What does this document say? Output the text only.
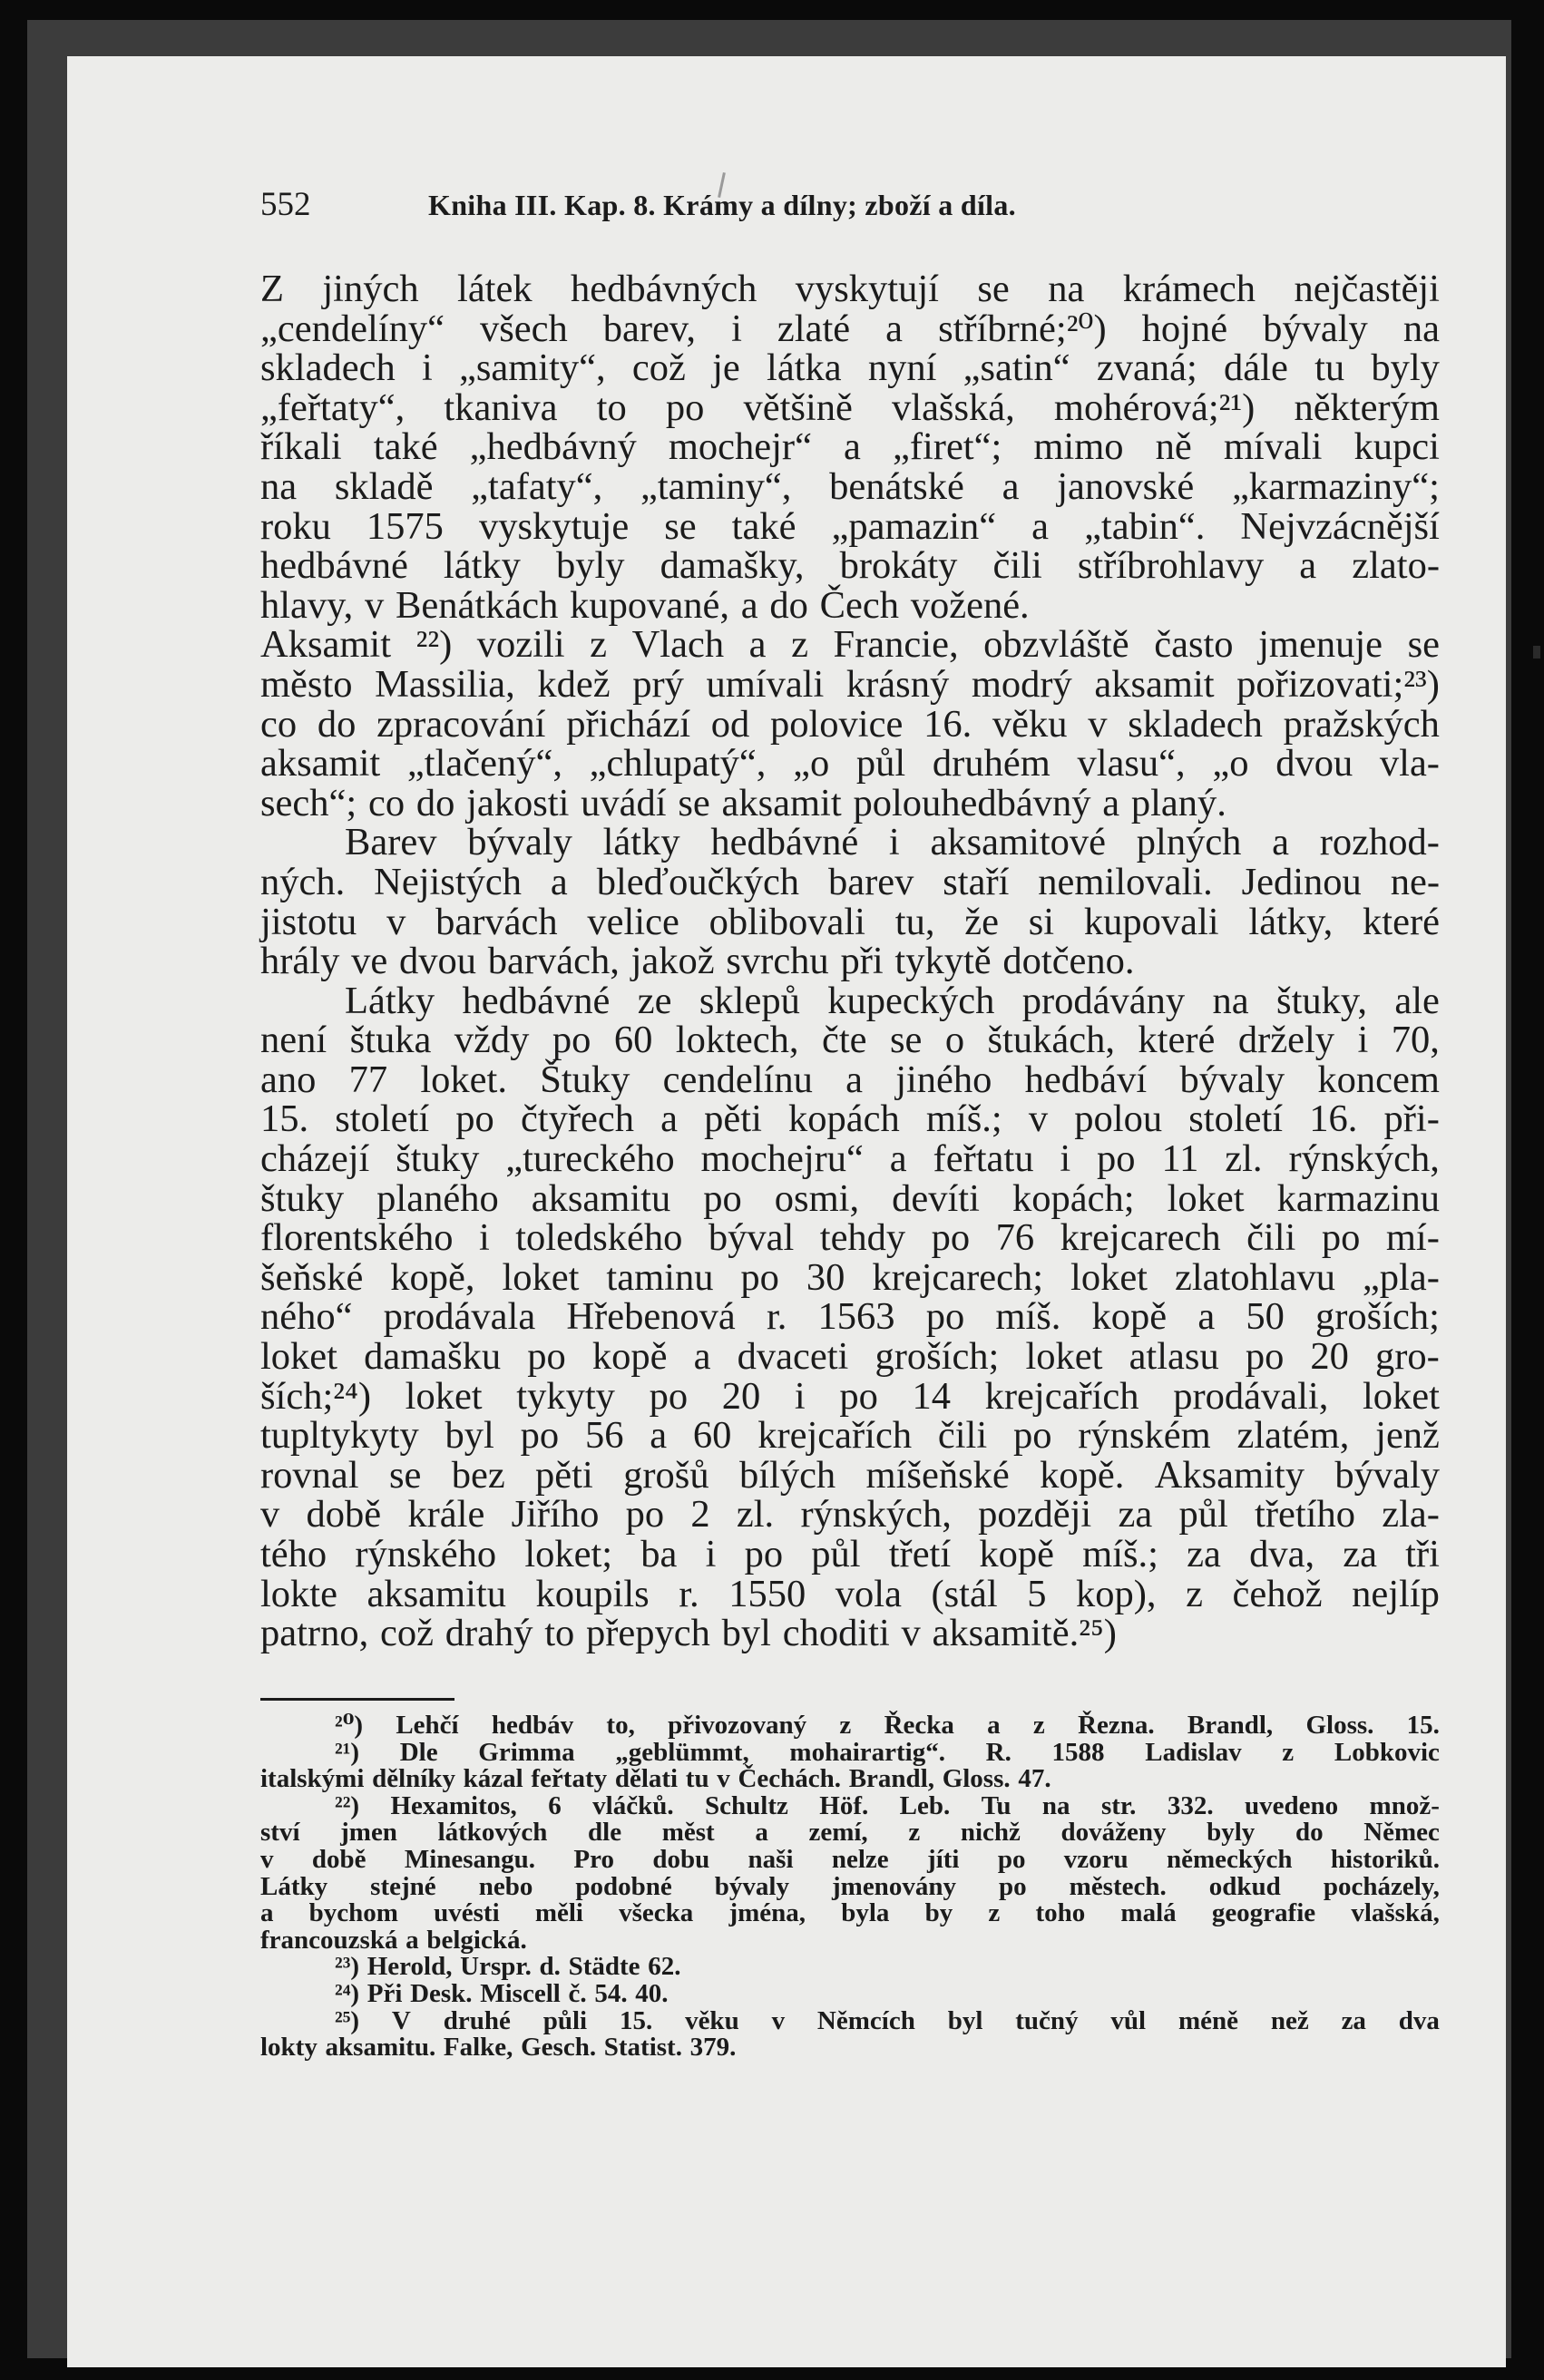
552	Kniha III. Kap. 8. Krámy a dílny; zboží a díla.
Z jiných látek hedbávných vyskytují se na krámech nejčastěji
„cendelíny“ všech barev, i zlaté a stříbrné;²⁰) hojné bývaly na
skladech i „samity“, což je látka nyní „satin“ zvaná; dále tu byly
„feřtaty“, tkaniva to po většině vlašská, mohérová;²¹) některým
říkali také „hedbávný mochejr“ a „firet“; mimo ně mívali kupci
na skladě „tafaty“, „taminy“, benátské a janovské „karmaziny“;
roku 1575 vyskytuje se také „pamazin“ a „tabin“. Nejvzácnější
hedbávné látky byly damašky, brokáty čili stříbrohlavy a zlato-
hlavy, v Benátkách kupované, a do Čech vožené.
Aksamit ²²) vozili z Vlach a z Francie, obzvláště často jmenuje se
město Massilia, kdež prý umívali krásný modrý aksamit pořizovati;²³)
co do zpracování přichází od polovice 16. věku v skladech pražských
aksamit „tlačený“, „chlupatý“, „o půl druhém vlasu“, „o dvou vla-
sech“; co do jakosti uvádí se aksamit polouhedbávný a planý.
Barev bývaly látky hedbávné i aksamitové plných a rozhod-
ných. Nejistých a bleďoučkých barev staří nemilovali. Jedinou ne-
jistotu v barvách velice oblibovali tu, že si kupovali látky, které
hrály ve dvou barvách, jakož svrchu při tykytě dotčeno.
Látky hedbávné ze sklepů kupeckých prodávány na štuky, ale
není štuka vždy po 60 loktech, čte se o štukách, které držely i 70,
ano 77 loket. Štuky cendelínu a jiného hedbáví bývaly koncem
15. století po čtyřech a pěti kopách míš.; v polou století 16. při-
cházejí štuky „tureckého mochejru“ a feřtatu i po 11 zl. rýnských,
štuky planého aksamitu po osmi, devíti kopách; loket karmazinu
florentského i toledského býval tehdy po 76 krejcarech čili po mí-
šeňské kopě, loket taminu po 30 krejcarech; loket zlatohlavu „pla-
ného“ prodávala Hřebenová r. 1563 po míš. kopě a 50 groších;
loket damašku po kopě a dvaceti groších; loket atlasu po 20 gro-
ších;²⁴) loket tykyty po 20 i po 14 krejcařích prodávali, loket
tupltykyty byl po 56 a 60 krejcařích čili po rýnském zlatém, jenž
rovnal se bez pěti grošů bílých míšeňské kopě. Aksamity bývaly
v době krále Jiřího po 2 zl. rýnských, později za půl třetího zla-
tého rýnského loket; ba i po půl třetí kopě míš.; za dva, za tři
lokte aksamitu koupils r. 1550 vola (stál 5 kop), z čehož nejlíp
patrno, což drahý to přepych byl choditi v aksamitě.²⁵)
²⁰) Lehčí hedbáv to, přivozovaný z Řecka a z Řezna. Brandl, Gloss. 15.
²¹) Dle Grimma „geblümmt, mohairartig“. R. 1588 Ladislav z Lobkovic
italskými dělníky kázal feřtaty dělati tu v Čechách. Brandl, Gloss. 47.
²²) Hexamitos, 6 vláčků. Schultz Höf. Leb. Tu na str. 332. uvedeno množ-
ství jmen látkových dle měst a zemí, z nichž dováženy byly do Němec
v době Minesangu. Pro dobu naši nelze jíti po vzoru německých historiků.
Látky stejné nebo podobné bývaly jmenovány po městech. odkud pocházely,
a bychom uvésti měli všecka jména, byla by z toho malá geografie vlašská,
francouzská a belgická.
²³) Herold, Urspr. d. Städte 62.
²⁴) Při Desk. Miscell č. 54. 40.
²⁵) V druhé půli 15. věku v Němcích byl tučný vůl méně než za dva
lokty aksamitu. Falke, Gesch. Statist. 379.
